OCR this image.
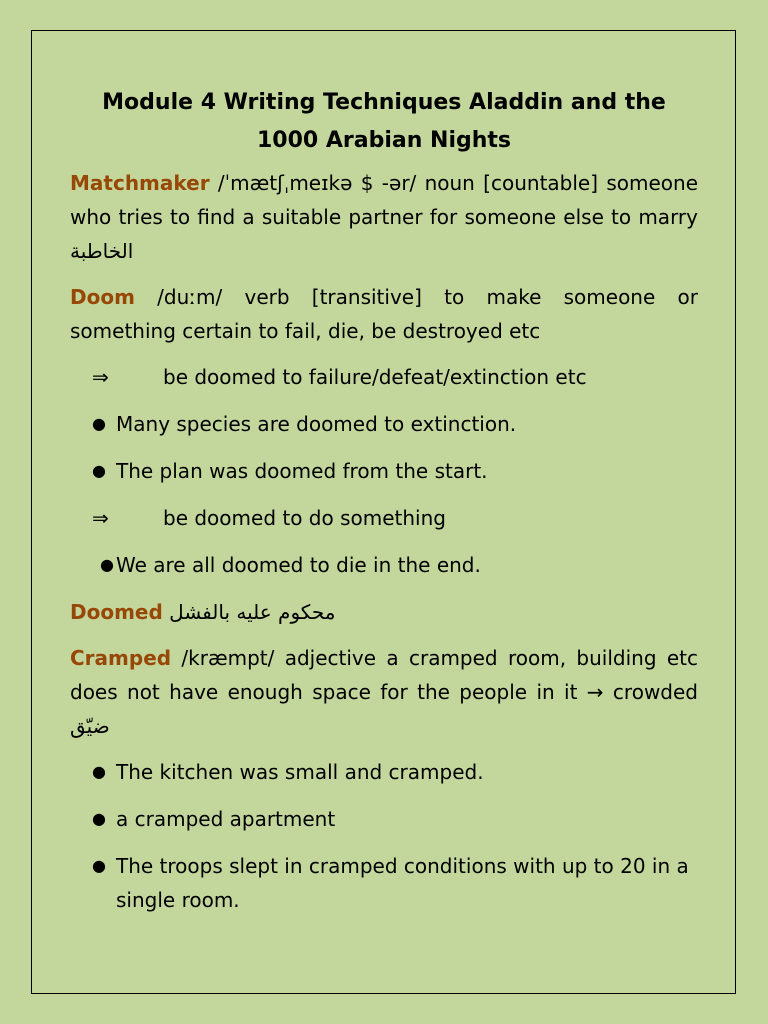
Module 4 Writing Techniques Aladdin and the 1000 Arabian Nights

Matchmaker /ˈmætʃˌmeɪkə $ -ər/ noun [countable] someone who tries to find a suitable partner for someone else to marry الخاطبة

Doom /duːm/ verb [transitive] to make someone or something certain to fail, die, be destroyed etc

⇒	be doomed to failure/defeat/extinction etc
● Many species are doomed to extinction.
● The plan was doomed from the start.
⇒	be doomed to do something
● We are all doomed to die in the end.

Doomed محكوم عليه بالفشل

Cramped /kræmpt/ adjective a cramped room, building etc does not have enough space for the people in it → crowded ضيّق

● The kitchen was small and cramped.
● a cramped apartment
● The troops slept in cramped conditions with up to 20 in a single room.
